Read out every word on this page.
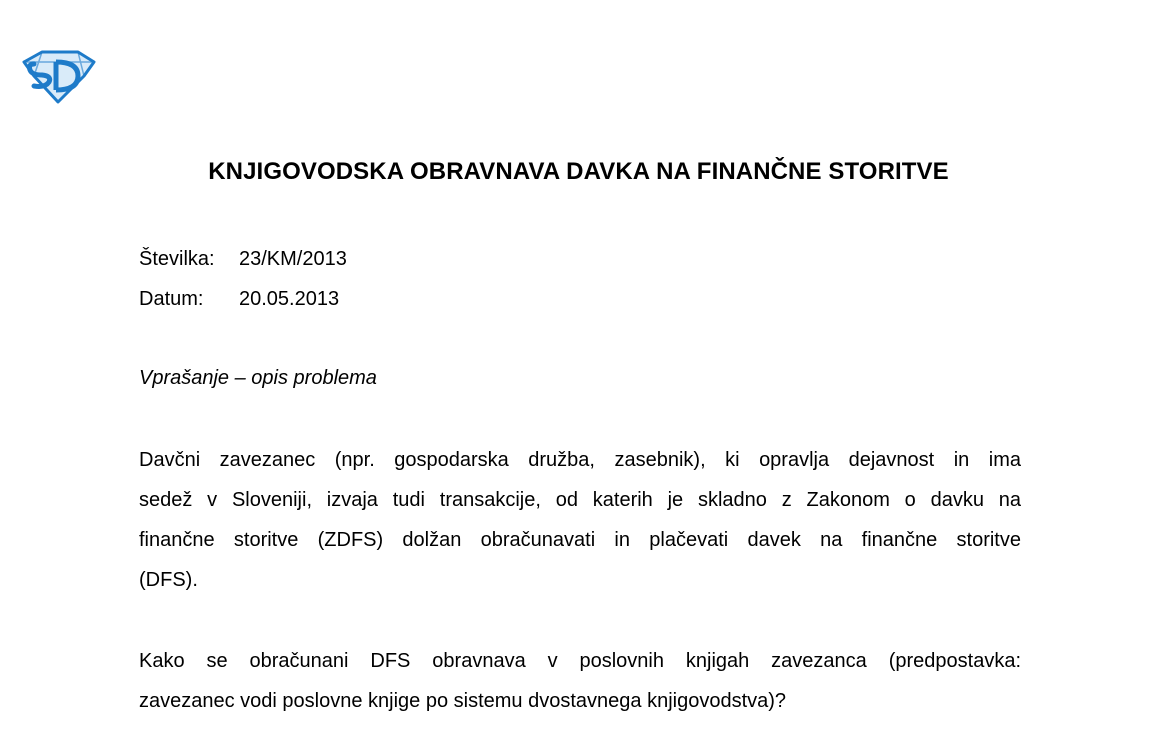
KNJIGOVODSKA OBRAVNAVA DAVKA NA FINANČNE STORITVE
Številka: 23/KM/2013
Datum: 20.05.2013
Vprašanje – opis problema
Davčni zavezanec (npr. gospodarska družba, zasebnik), ki opravlja dejavnost in ima
sedež v Sloveniji, izvaja tudi transakcije, od katerih je skladno z Zakonom o davku na
finančne storitve (ZDFS) dolžan obračunavati in plačevati davek na finančne storitve
(DFS).
Kako se obračunani DFS obravnava v poslovnih knjigah zavezanca (predpostavka:
zavezanec vodi poslovne knjige po sistemu dvostavnega knjigovodstva)?
